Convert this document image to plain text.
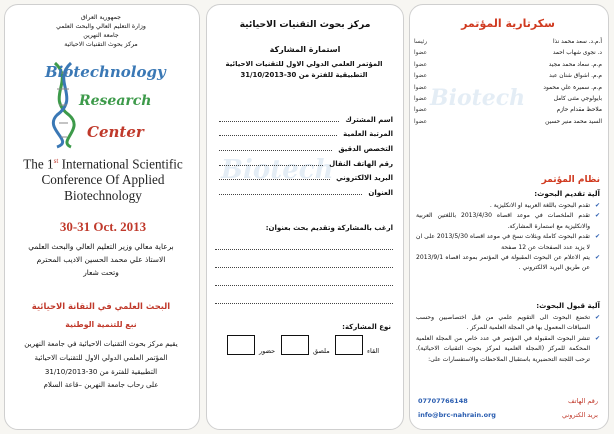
جمهورية العراق
وزارة التعليم العالي والبحث العلمي
جامعة النهرين
مركز بحوث التقنيات الاحيائية
Biotechnology
Research
Center
The 1st International Scientific
Conference Of Applied
Biotechnology
30-31 Oct. 2013
برعاية معالي وزير التعليم العالي والبحث العلمي
الاستاذ علي محمد الحسين الاديب المحترم
وتحت شعار
البحث العلمي في التقانة الاحيائية
نبع للتنمية الوطنية
يقيم مركز بحوث التقنيات الاحيائية في جامعة النهرين
المؤتمر العلمي الدولي الاول للتقنيات الاحيائية
التطبيقية للفترة من 30-31/10/2013
على رحاب جامعة النهرين –قاعة السلام
Biotech
مركز بحوث التقنيات الاحيائية
استمارة المشاركة
المؤتمر العلمي الدولي الاول للتقنيات الاحيائية
التطبيقية للفترة من 30-31/10/2013
اسم المشترك
المرتبة العلمية
التخصص الدقيق
رقم الهاتف النقال
البريد الالكتروني
العنوان
ارغب بالمشاركة وتقديم بحث بعنوان:
نوع المشاركة:
القاء
ملصق
حضور
Biotech
سكرتارية المؤتمر
أ.م.د. سعد محمد نذا
رئيسا
د. نجوى شهاب احمد
عضوا
م.م. سعاد محمد مجيد
عضوا
م.م. اشواق شنان عبد
عضوا
م.م. سميرة علي محمود
عضوا
بايولوجي مثنى كامل
عضوا
ملاحظ مقدام حازم
عضوا
السيد محمد منير حسين
عضوا
نظام المؤتمر
آلية تقديم البحوث:

✔ تقدم البحوث باللغة العربية او الانكليزية .

✔ تقدم الملخصات في موعد اقصاه 2013/4/30 باللغتين العربية والانكليزية مع استمارة المشاركة.

✔ تقدم البحوث كاملة وبثلاث نسخ في موعد اقصاه 2013/5/30 على ان لا يزيد عدد الصفحات عن 12 صفحة

✔ يتم الاعلام عن البحوث المقبولة في المؤتمر بموعد اقصاه 2013/9/1 عن طريق البريد الالكتروني .

آلية قبول البحوث:

✔ تخضع البحوث الى التقويم علمي من قبل اختصاصيين وحسب السياقات المعمول بها في المجلة العلمية للمركز .

✔ تنشر البحوث المقبولة في المؤتمر في عدد خاص من المجلة العلمية المحكمة للمركز (المجلة العلمية لمركز بحوث التقنيات الاحيائية). ترحب اللجنة التحضيرية باستقبال الملاحظات والاستفسارات على:

07707766148	رقم الهاتف
info@brc-nahrain.org	بريد الكتروني
